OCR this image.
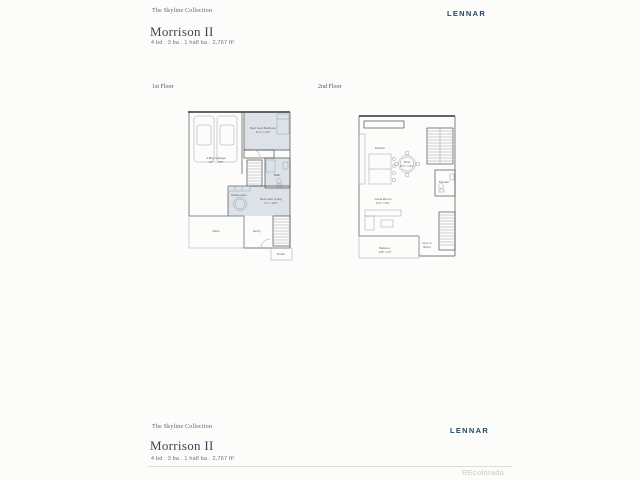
The Skyline Collection	LENNAR
Morrison II
4 bd . 3 ba . 1 half ba . 2,767 ft²
1st Floor	2nd Floor
2-Bay Garage
19'7" x 19'5"
Next Gen Bedroom
11'4" x 11'0"
Bath
Kitchenette
Next Gen Living
9'1" x 10'6"
Entry
Patio
Porch
Kitchen
Dine
11'6" x 12'0"
Powder
Great Room
14'5" x 18'1"
Balcony
19'8" x 6'0"
Open to
Below
The Skyline Collection	LENNAR
Morrison II
4 bd . 3 ba . 1 half ba . 2,767 ft²
REcolorado
